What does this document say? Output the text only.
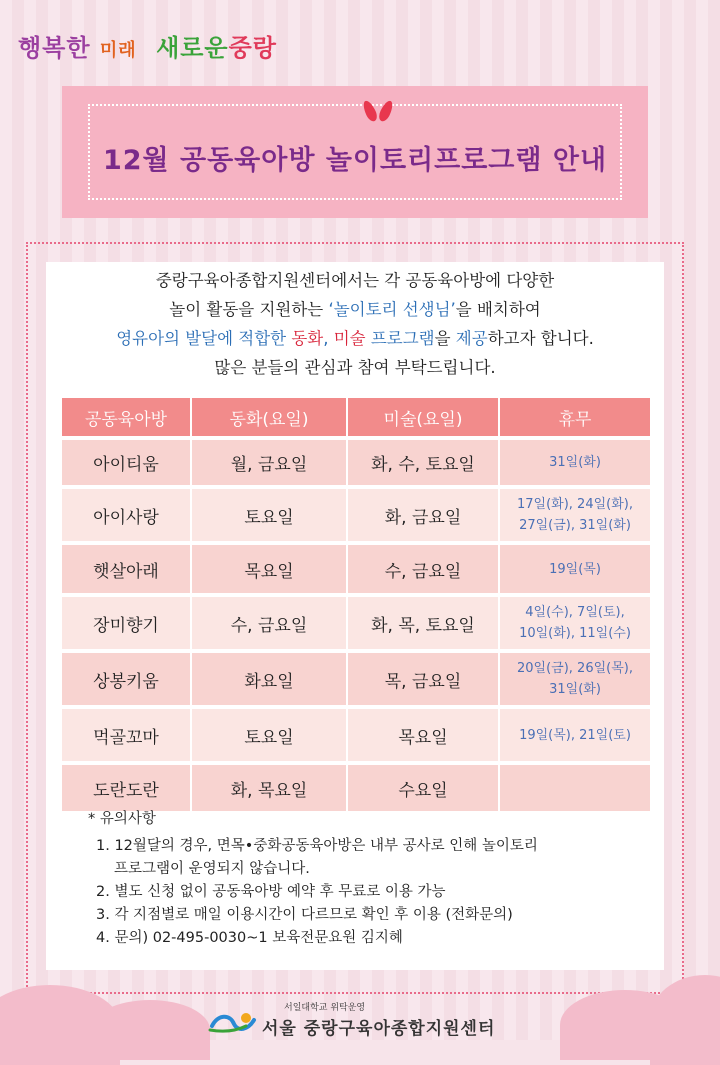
행복한 미래 새로운중랑
12월 공동육아방 놀이토리프로그램 안내
중랑구육아종합지원센터에서는 각 공동육아방에 다양한
놀이 활동을 지원하는 ‘놀이토리 선생님’을 배치하여
영유아의 발달에 적합한 동화, 미술 프로그램을 제공하고자 합니다.
많은 분들의 관심과 참여 부탁드립니다.
공동육아방	동화(요일)	미술(요일)	휴무
아이티움	월, 금요일	화, 수, 토요일	31일(화)

아이사랑	토요일	화, 금요일	17일(화), 24일(화),
27일(금), 31일(화)

햇살아래	목요일	수, 금요일	19일(목)

장미향기	수, 금요일	화, 목, 토요일	4일(수), 7일(토),
10일(화), 11일(수)

상봉키움	화요일	목, 금요일	20일(금), 26일(목),
31일(화)

먹골꼬마	토요일	목요일	19일(목), 21일(토)

도란도란	화, 목요일	수요일	
* 유의사항
1. 12월달의 경우, 면목•중화공동육아방은 내부 공사로 인해 놀이토리
프로그램이 운영되지 않습니다.
2. 별도 신청 없이 공동육아방 예약 후 무료로 이용 가능
3. 각 지점별로 매일 이용시간이 다르므로 확인 후 이용 (전화문의)
4. 문의) 02-495-0030~1 보육전문요원 김지혜
서일대학교 위탁운영
서울 중랑구육아종합지원센터
